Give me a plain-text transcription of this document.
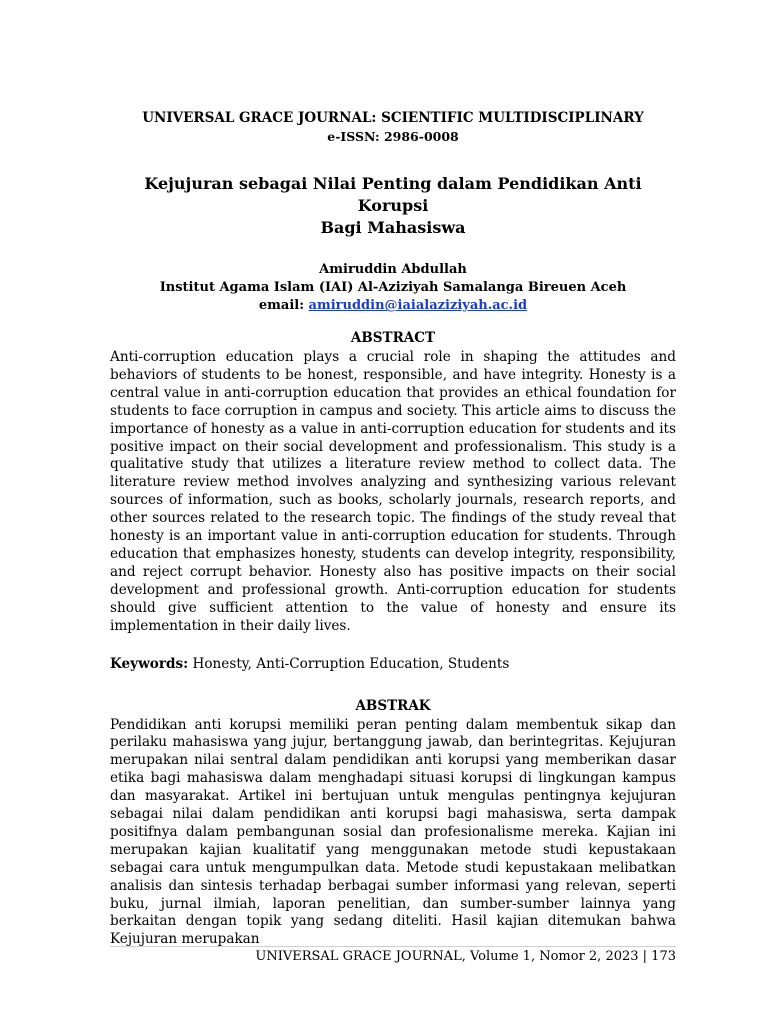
UNIVERSAL GRACE JOURNAL: SCIENTIFIC MULTIDISCIPLINARY
e-ISSN: 2986-0008
Kejujuran sebagai Nilai Penting dalam Pendidikan Anti Korupsi
Bagi Mahasiswa
Amiruddin Abdullah
Institut Agama Islam (IAI) Al-Aziziyah Samalanga Bireuen Aceh
email: amiruddin@iaialaziziyah.ac.id
ABSTRACT

Anti-corruption education plays a crucial role in shaping the attitudes and behaviors of students to be honest, responsible, and have integrity. Honesty is a central value in anti-corruption education that provides an ethical foundation for students to face corruption in campus and society. This article aims to discuss the importance of honesty as a value in anti-corruption education for students and its positive impact on their social development and professionalism. This study is a qualitative study that utilizes a literature review method to collect data. The literature review method involves analyzing and synthesizing various relevant sources of information, such as books, scholarly journals, research reports, and other sources related to the research topic. The findings of the study reveal that honesty is an important value in anti-corruption education for students. Through education that emphasizes honesty, students can develop integrity, responsibility, and reject corrupt behavior. Honesty also has positive impacts on their social development and professional growth. Anti-corruption education for students should give sufficient attention to the value of honesty and ensure its implementation in their daily lives.

Keywords: Honesty, Anti-Corruption Education, Students
ABSTRAK

Pendidikan anti korupsi memiliki peran penting dalam membentuk sikap dan perilaku mahasiswa yang jujur, bertanggung jawab, dan berintegritas. Kejujuran merupakan nilai sentral dalam pendidikan anti korupsi yang memberikan dasar etika bagi mahasiswa dalam menghadapi situasi korupsi di lingkungan kampus dan masyarakat. Artikel ini bertujuan untuk mengulas pentingnya kejujuran sebagai nilai dalam pendidikan anti korupsi bagi mahasiswa, serta dampak positifnya dalam pembangunan sosial dan profesionalisme mereka. Kajian ini merupakan kajian kualitatif yang menggunakan metode studi kepustakaan sebagai cara untuk mengumpulkan data. Metode studi kepustakaan melibatkan analisis dan sintesis terhadap berbagai sumber informasi yang relevan, seperti buku, jurnal ilmiah, laporan penelitian, dan sumber-sumber lainnya yang berkaitan dengan topik yang sedang diteliti. Hasil kajian ditemukan bahwa Kejujuran merupakan

UNIVERSAL GRACE JOURNAL, Volume 1, Nomor 2, 2023 | 173
